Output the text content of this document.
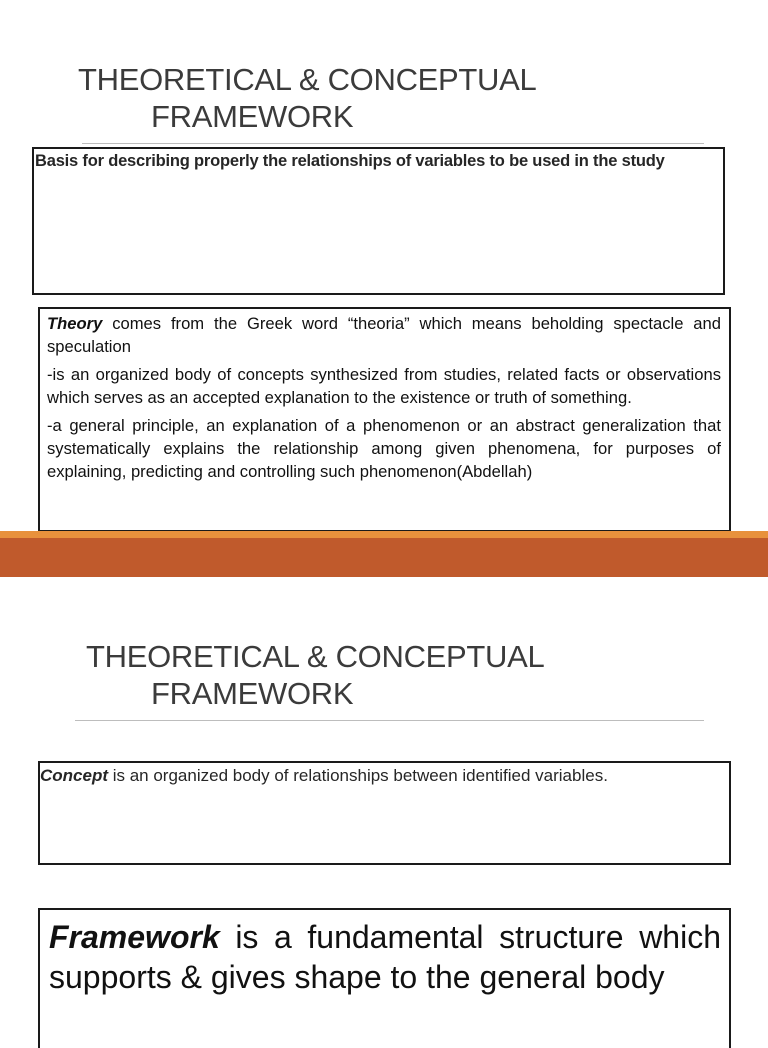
THEORETICAL & CONCEPTUAL
FRAMEWORK
Basis for describing properly the relationships of variables to be used in the study

Theory comes from the Greek word “theoria” which means beholding spectacle and speculation

-is an organized body of concepts synthesized from studies, related facts or observations which serves as an accepted explanation to the existence or truth of something.

-a general principle, an explanation of a phenomenon or an abstract generalization that systematically explains the relationship among given phenomena, for purposes of explaining, predicting and controlling such phenomenon(Abdellah)

THEORETICAL & CONCEPTUAL
FRAMEWORK
Concept is an organized body of relationships between identified variables.
Framework is a fundamental structure which supports & gives shape to the general body
